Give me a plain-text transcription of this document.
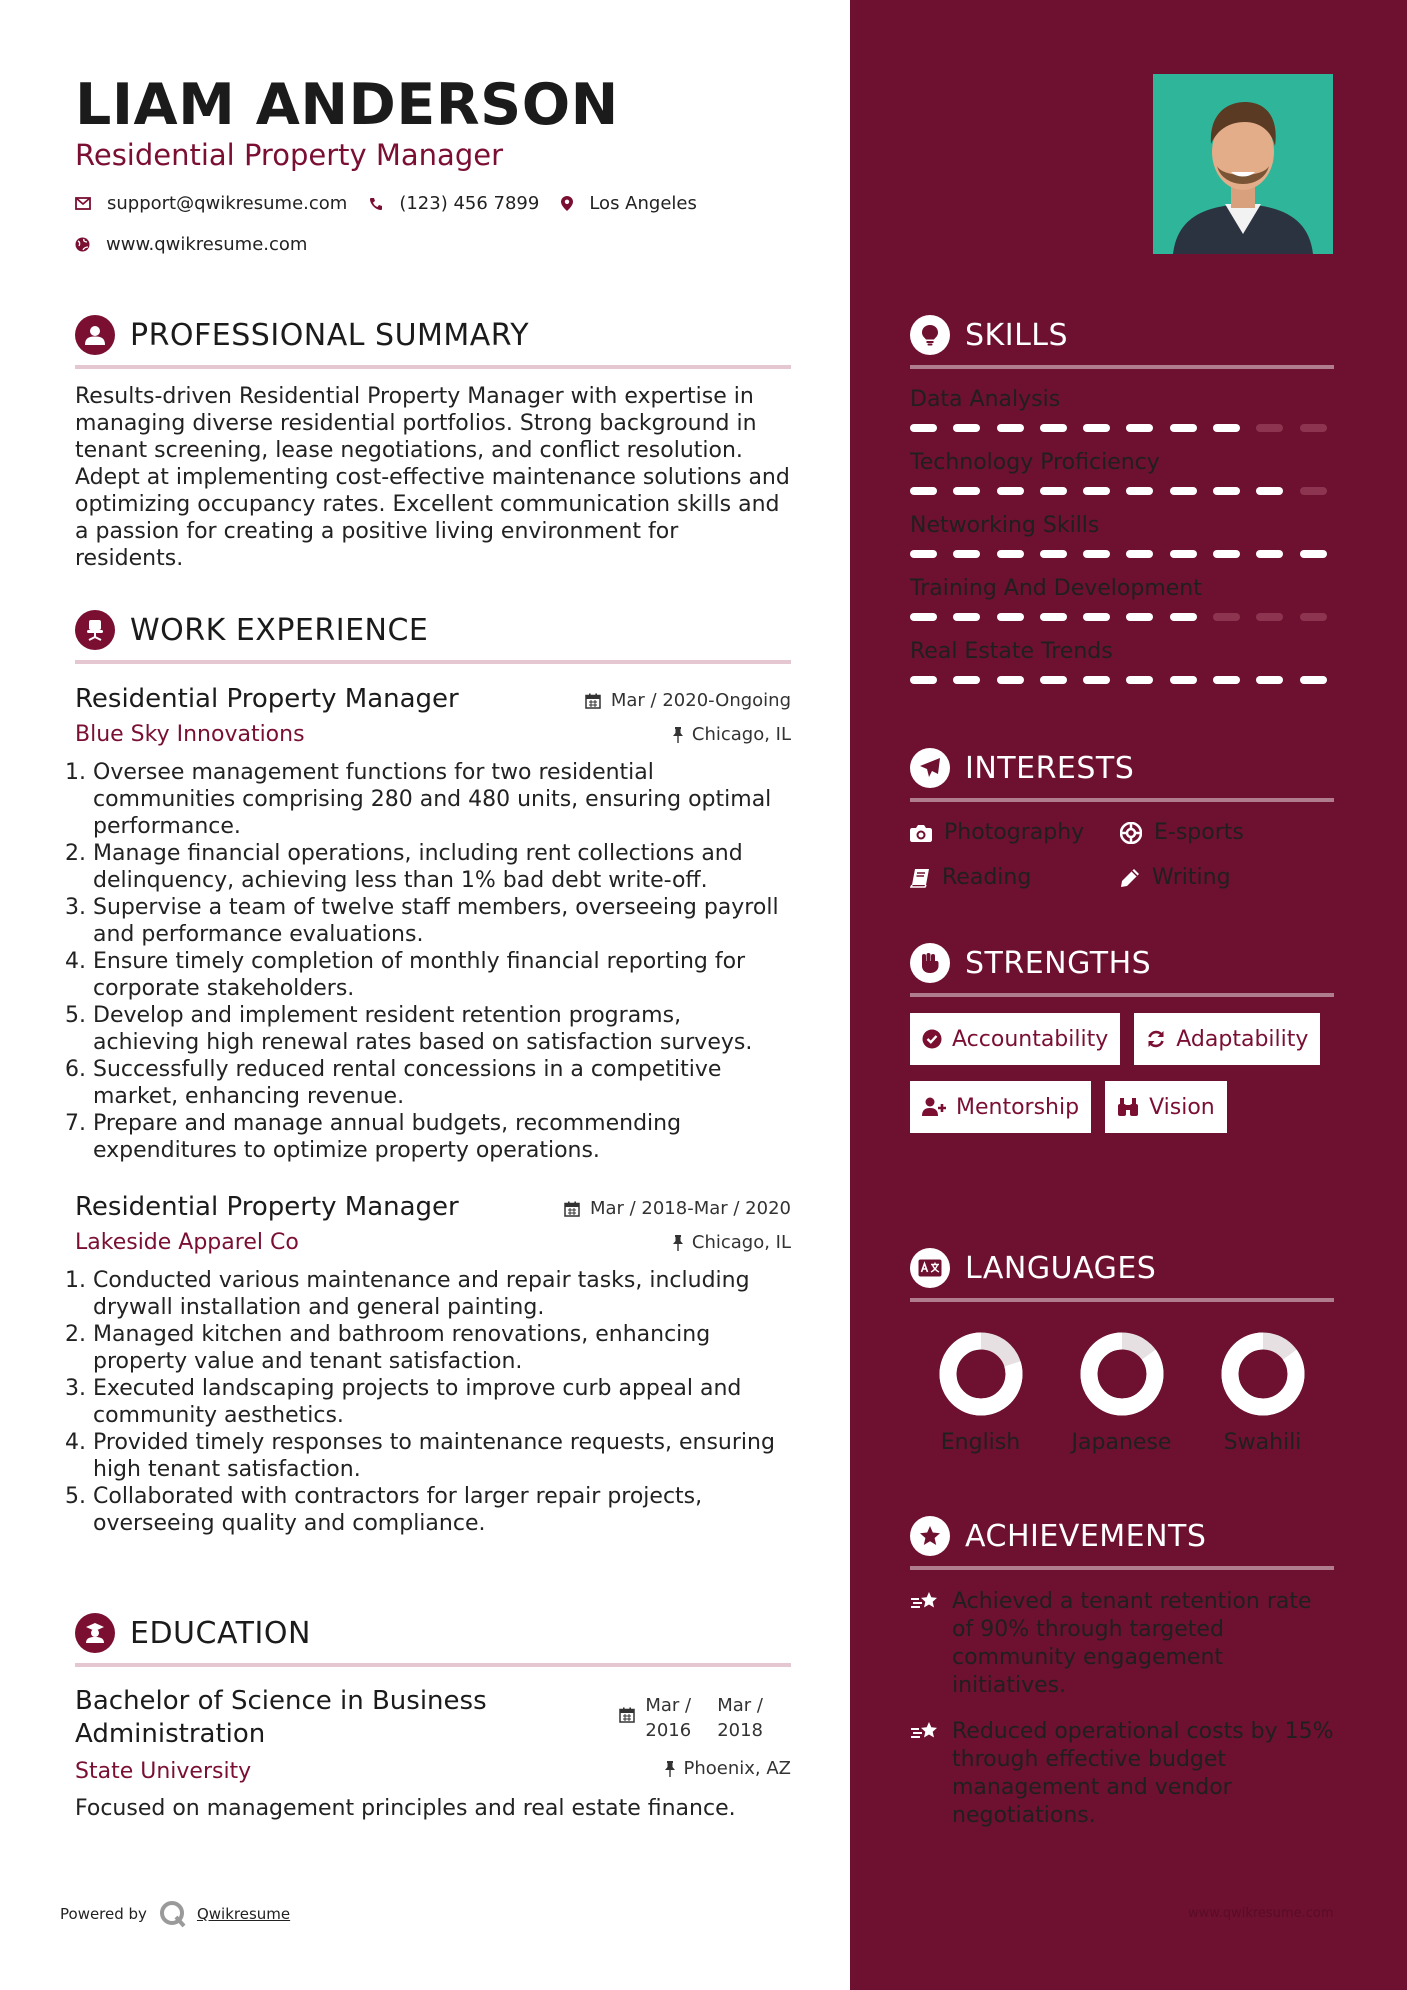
LIAM ANDERSON
Residential Property Manager
support@qwikresume.com	(123) 456 7899	Los Angeles
www.qwikresume.com
PROFESSIONAL SUMMARY
Results-driven Residential Property Manager with expertise in managing diverse residential portfolios. Strong background in tenant screening, lease negotiations, and conflict resolution. Adept at implementing cost-effective maintenance solutions and optimizing occupancy rates. Excellent communication skills and a passion for creating a positive living environment for residents.
WORK EXPERIENCE
Residential Property Manager	Mar / 2020-Ongoing
Blue Sky Innovations	Chicago, IL
1. Oversee management functions for two residential communities comprising 280 and 480 units, ensuring optimal performance.
2. Manage financial operations, including rent collections and delinquency, achieving less than 1% bad debt write-off.
3. Supervise a team of twelve staff members, overseeing payroll and performance evaluations.
4. Ensure timely completion of monthly financial reporting for corporate stakeholders.
5. Develop and implement resident retention programs, achieving high renewal rates based on satisfaction surveys.
6. Successfully reduced rental concessions in a competitive market, enhancing revenue.
7. Prepare and manage annual budgets, recommending expenditures to optimize property operations.
Residential Property Manager	Mar / 2018-Mar / 2020
Lakeside Apparel Co	Chicago, IL
1. Conducted various maintenance and repair tasks, including drywall installation and general painting.
2. Managed kitchen and bathroom renovations, enhancing property value and tenant satisfaction.
3. Executed landscaping projects to improve curb appeal and community aesthetics.
4. Provided timely responses to maintenance requests, ensuring high tenant satisfaction.
5. Collaborated with contractors for larger repair projects, overseeing quality and compliance.
EDUCATION
Bachelor of Science in Business Administration
Mar /
2016
Mar /
2018
State University	Phoenix, AZ
Focused on management principles and real estate finance.
Powered by	Qwikresume
SKILLS
Data Analysis
Technology Proficiency
Networking Skills
Training And Development
Real Estate Trends
INTERESTS
Photography	E-sports
Reading	Writing
STRENGTHS
Accountability	Adaptability
Mentorship	Vision
LANGUAGES
English	Japanese	Swahili
ACHIEVEMENTS
Achieved a tenant retention rate of 90% through targeted community engagement initiatives.
Reduced operational costs by 15% through effective budget management and vendor negotiations.
www.qwikresume.com
